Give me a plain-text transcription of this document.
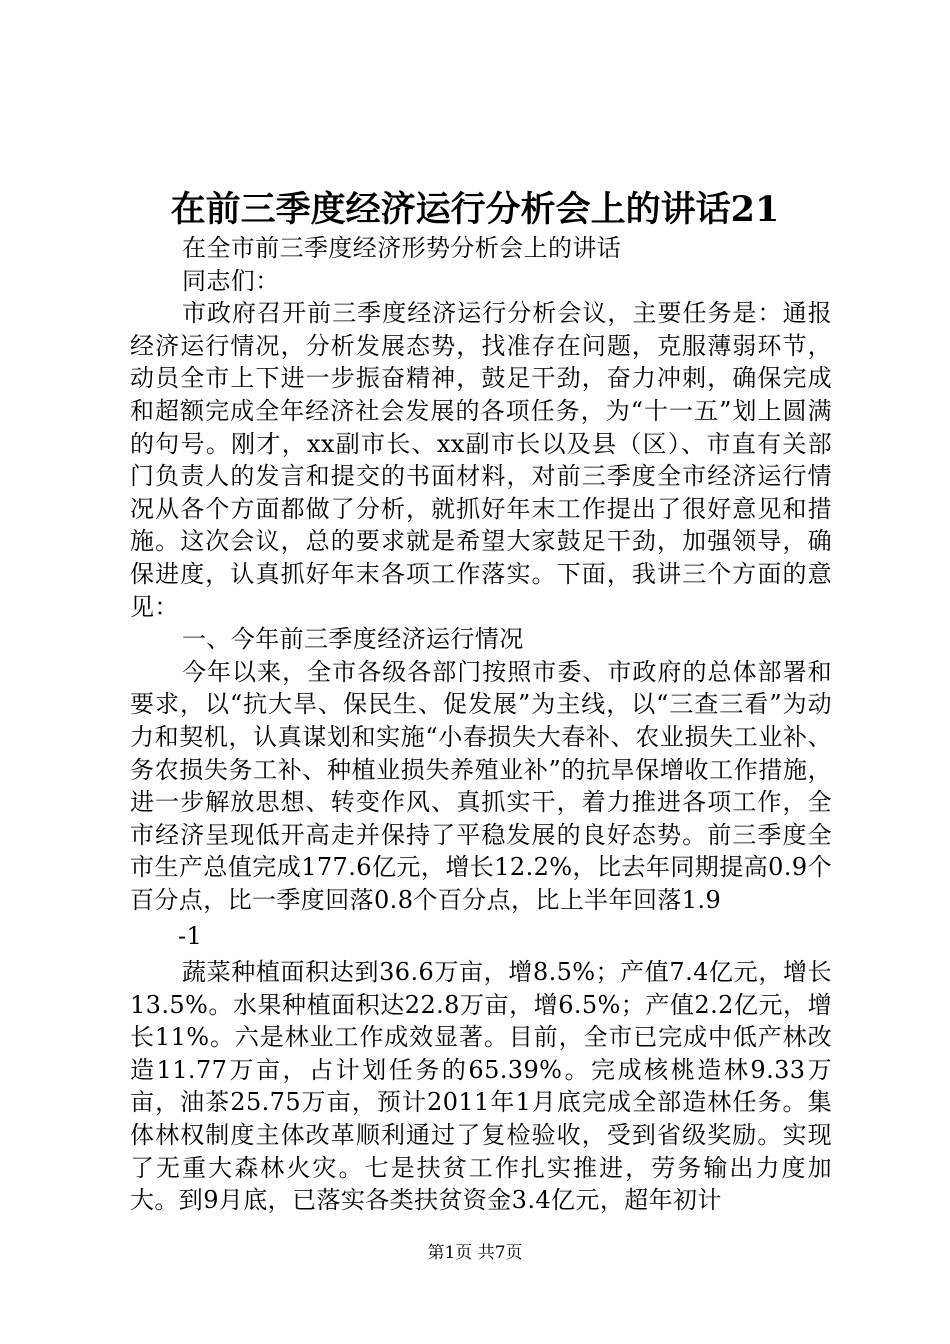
在前三季度经济运行分析会上的讲话21

在全市前三季度经济形势分析会上的讲话

同志们：

市政府召开前三季度经济运行分析会议，主要任务是：通报经济运行情况，分析发展态势，找准存在问题，克服薄弱环节，动员全市上下进一步振奋精神，鼓足干劲，奋力冲刺，确保完成和超额完成全年经济社会发展的各项任务，为“十一五”划上圆满的句号。刚才，xx副市长、xx副市长以及县（区）、市直有关部门负责人的发言和提交的书面材料，对前三季度全市经济运行情况从各个方面都做了分析，就抓好年末工作提出了很好意见和措施。这次会议，总的要求就是希望大家鼓足干劲，加强领导，确保进度，认真抓好年末各项工作落实。下面，我讲三个方面的意见：

一、今年前三季度经济运行情况

今年以来，全市各级各部门按照市委、市政府的总体部署和要求，以“抗大旱、保民生、促发展”为主线，以“三查三看”为动力和契机，认真谋划和实施“小春损失大春补、农业损失工业补、务农损失务工补、种植业损失养殖业补”的抗旱保增收工作措施，进一步解放思想、转变作风、真抓实干，着力推进各项工作，全市经济呈现低开高走并保持了平稳发展的良好态势。前三季度全市生产总值完成177.6亿元，增长12.2%，比去年同期提高0.9个百分点，比一季度回落0.8个百分点，比上半年回落1.9

-1

蔬菜种植面积达到36.6万亩，增8.5%；产值7.4亿元，增长13.5%。水果种植面积达22.8万亩，增6.5%；产值2.2亿元，增长11%。六是林业工作成效显著。目前，全市已完成中低产林改造11.77万亩，占计划任务的65.39%。完成核桃造林9.33万亩，油茶25.75万亩，预计2011年1月底完成全部造林任务。集体林权制度主体改革顺利通过了复检验收，受到省级奖励。实现了无重大森林火灾。七是扶贫工作扎实推进，劳务输出力度加大。到9月底，已落实各类扶贫资金3.4亿元，超年初计

第1页 共7页
